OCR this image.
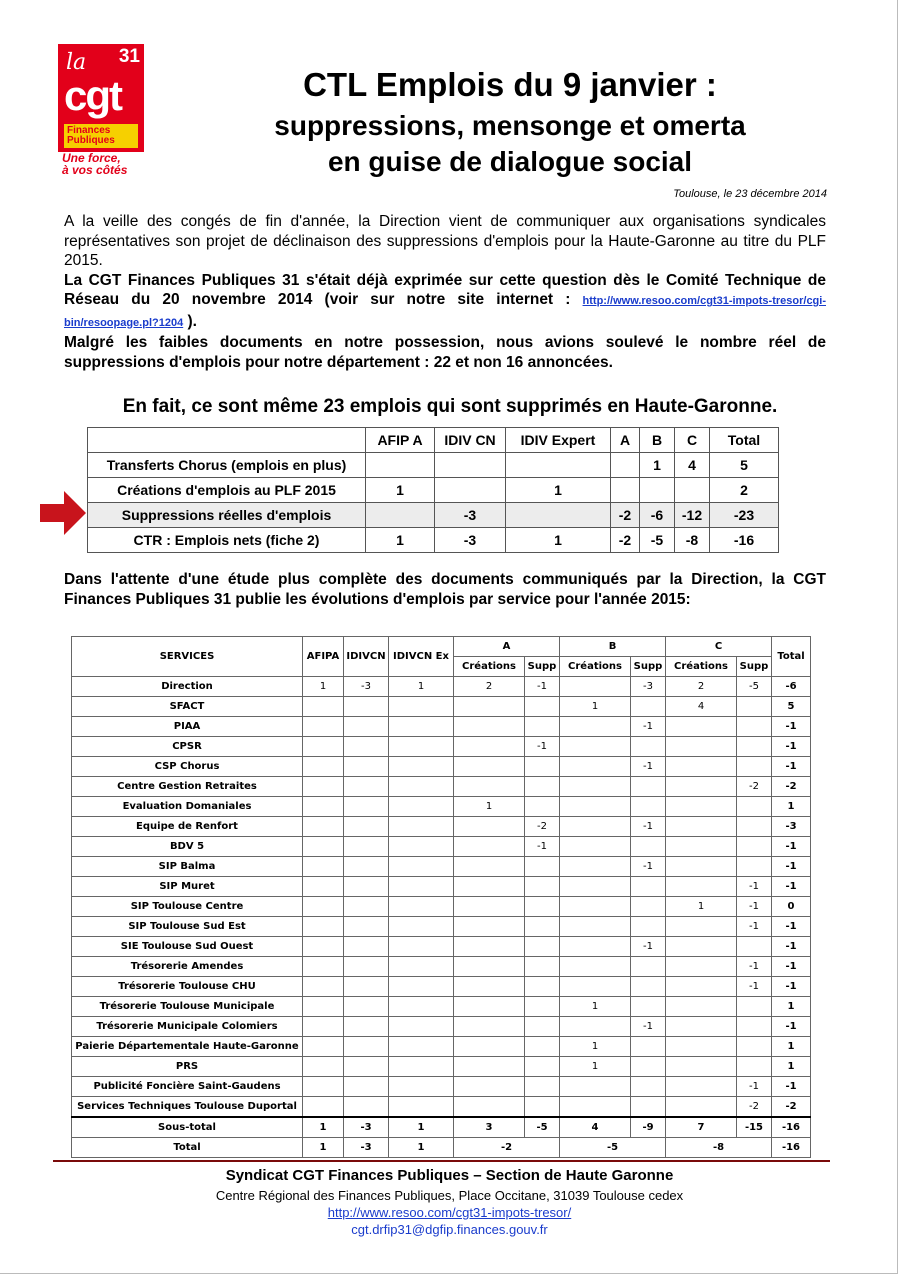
la 31
cgt
Finances Publiques
Une force,
à vos côtés
CTL Emplois du 9 janvier :
suppressions, mensonge et omerta
en guise de dialogue social
Toulouse, le 23 décembre 2014

A la veille des congés de fin d'année, la Direction vient de communiquer aux organisations syndicales représentatives son projet de déclinaison des suppressions d'emplois pour la Haute-Garonne au titre du PLF 2015.

La CGT Finances Publiques 31 s'était déjà exprimée sur cette question dès le Comité Technique de Réseau du 20 novembre 2014 (voir sur notre site internet : http://www.resoo.com/cgt31-impots-tresor/cgi-bin/resoopage.pl?1204 ).

Malgré les faibles documents en notre possession, nous avions soulevé le nombre réel de suppressions d'emplois pour notre département : 22 et non 16 annoncées.

En fait, ce sont même 23 emplois qui sont supprimés en Haute-Garonne.
	AFIP A	IDIV CN	IDIV Expert	A	B	C	Total
Transferts Chorus (emplois en plus)					1	4	5
Créations d'emplois au PLF 2015	1		1				2
Suppressions réelles d'emplois		-3		-2	-6	-12	-23
CTR : Emplois nets (fiche 2)	1	-3	1	-2	-5	-8	-16
Dans l'attente d'une étude plus complète des documents communiqués par la Direction, la CGT Finances Publiques 31 publie les évolutions d'emplois par service pour l'année 2015:
SERVICES	AFIPA	IDIVCN	IDIVCN Ex	A		B		C		Total
				Créations	Supp	Créations	Supp	Créations	Supp	
Direction	1	-3	1	2	-1		-3	2	-5	-6
SFACT						1		4		5
PIAA							-1			-1
CPSR					-1					-1
CSP Chorus							-1			-1
Centre Gestion Retraites									-2	-2
Evaluation Domaniales				1						1
Equipe de Renfort					-2		-1			-3
BDV 5					-1					-1
SIP Balma							-1			-1
SIP Muret									-1	-1
SIP Toulouse Centre								1	-1	0
SIP Toulouse Sud Est									-1	-1
SIE Toulouse Sud Ouest							-1			-1
Trésorerie Amendes									-1	-1
Trésorerie Toulouse CHU									-1	-1
Trésorerie Toulouse Municipale						1				1
Trésorerie Municipale Colomiers							-1			-1
Paierie Départementale Haute-Garonne						1				1
PRS						1				1
Publicité Foncière Saint-Gaudens									-1	-1
Services Techniques Toulouse Duportal									-2	-2
Sous-total	1	-3	1	3	-5	4	-9	7	-15	-16
Total	1	-3	1	-2		-5		-8		-16
Syndicat CGT Finances Publiques – Section de Haute Garonne
Centre Régional des Finances Publiques, Place Occitane, 31039 Toulouse cedex
http://www.resoo.com/cgt31-impots-tresor/
cgt.drfip31@dgfip.finances.gouv.fr
